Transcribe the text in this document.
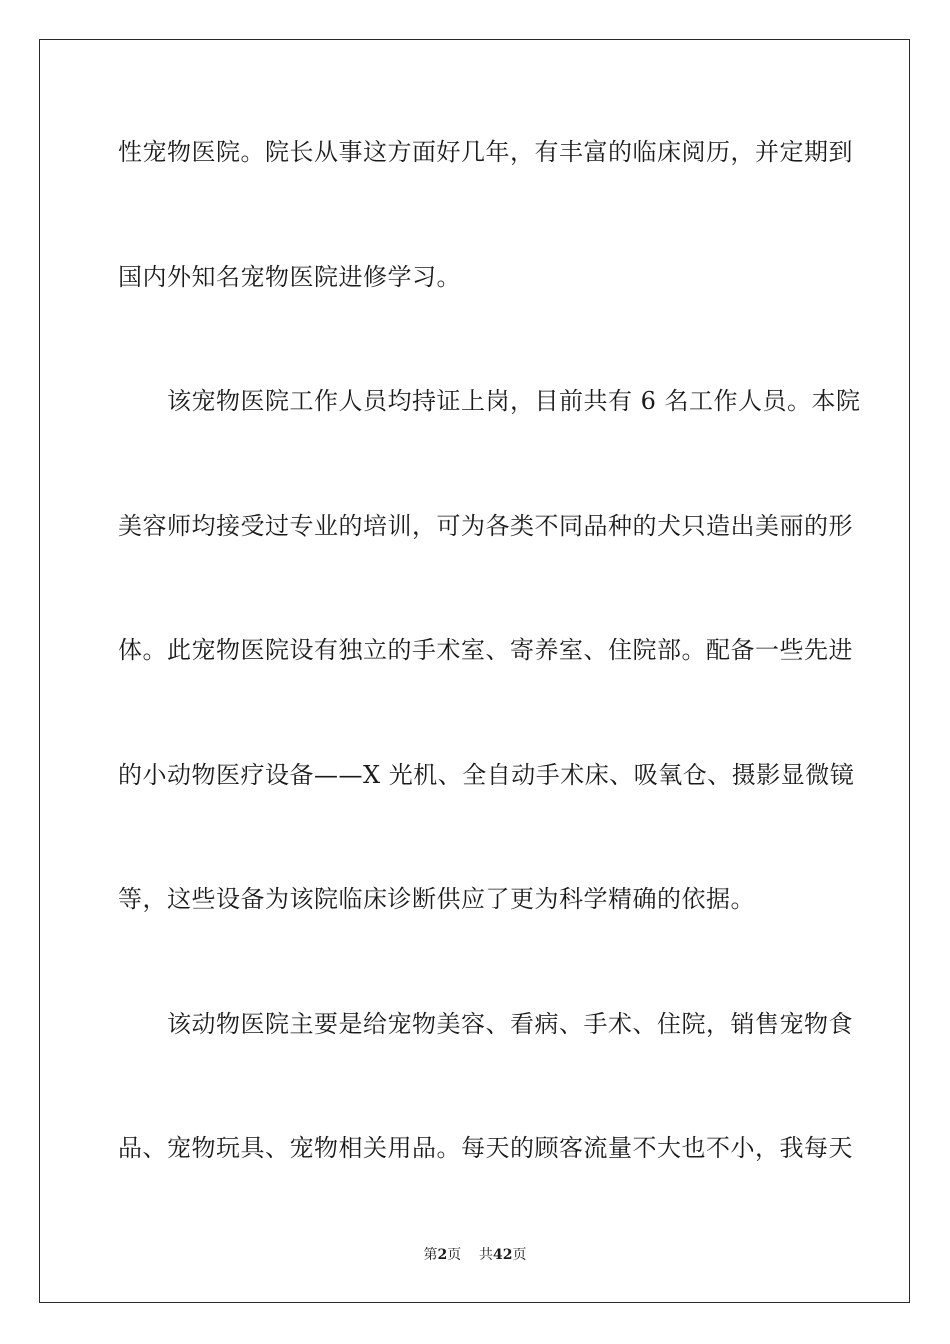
性宠物医院。院长从事这方面好几年，有丰富的临床阅历，并定期到
国内外知名宠物医院进修学习。
　　该宠物医院工作人员均持证上岗，目前共有 6 名工作人员。本院
美容师均接受过专业的培训，可为各类不同品种的犬只造出美丽的形
体。此宠物医院设有独立的手术室、寄养室、住院部。配备一些先进
的小动物医疗设备——X 光机、全自动手术床、吸氧仓、摄影显微镜
等，这些设备为该院临床诊断供应了更为科学精确的依据。
　　该动物医院主要是给宠物美容、看病、手术、住院，销售宠物食
品、宠物玩具、宠物相关用品。每天的顾客流量不大也不小，我每天
第2页 共42页
